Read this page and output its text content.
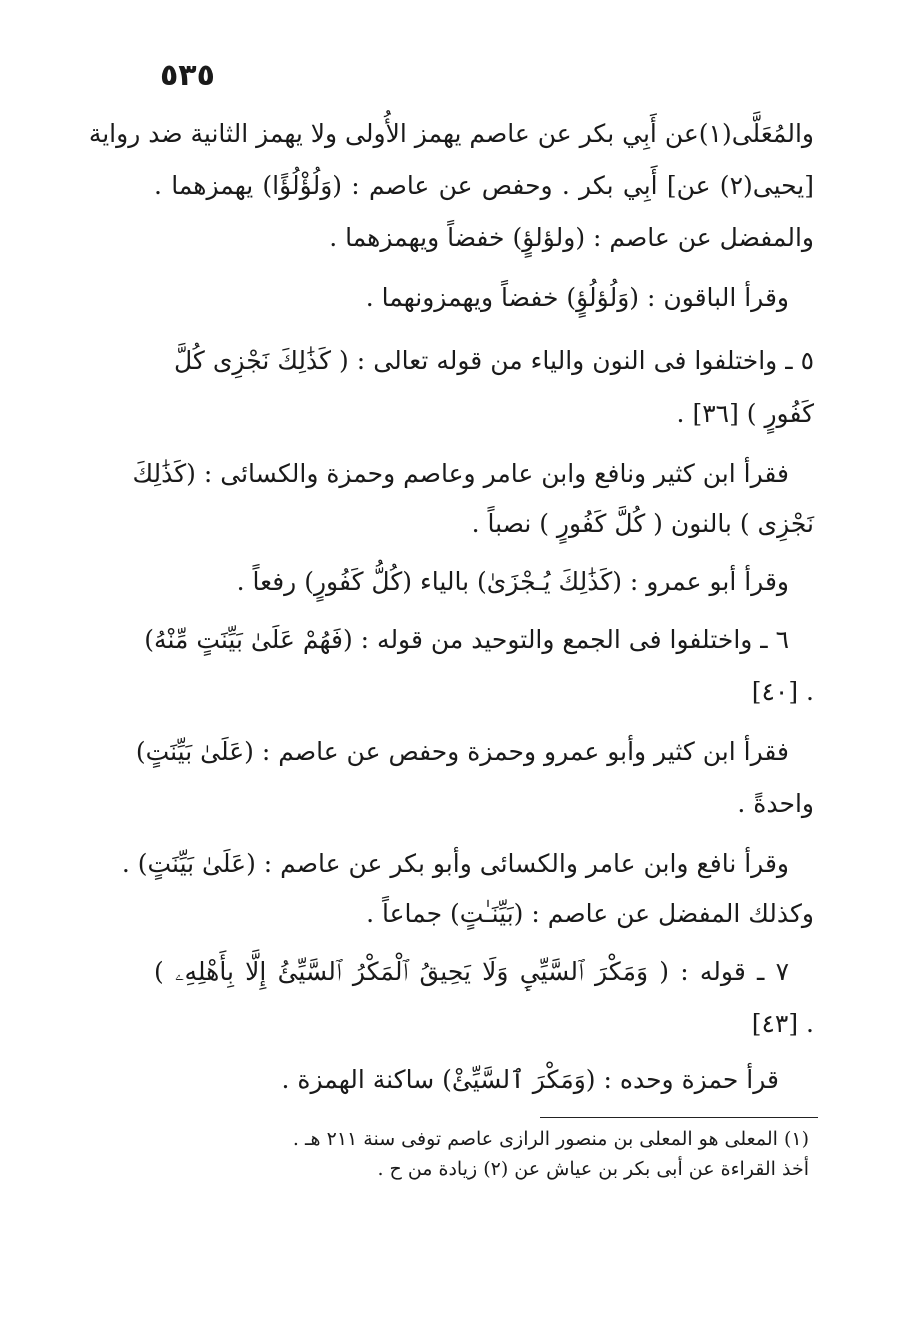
٥٣٥
والمُعَلَّى(١)عن أَبِي بكر عن عاصم يهمز الأُولى ولا يهمز الثانية ضد رواية
[يحيى(٢) عن] أَبِي بكر . وحفص عن عاصم : (وَلُؤْلُؤًا) يهمزهما .
والمفضل عن عاصم : (ولؤلؤٍ) خفضاً ويهمزهما .
وقرأ الباقون : (وَلُؤلُؤٍ) خفضاً ويهمزونهما .
٥ ـ واختلفوا فى النون والياء من قوله تعالى : ( كَذَٰلِكَ نَجْزِى كُلَّ
كَفُورٍ ) [٣٦] .
فقرأ ابن كثير ونافع وابن عامر وعاصم وحمزة والكسائى : (كَذَٰلِكَ
نَجْزِى ) بالنون ( كُلَّ كَفُورٍ ) نصباً .
وقرأ أبو عمرو : (كَذَٰلِكَ يُـجْزَىٰ) بالياء (كُلُّ كَفُورٍ) رفعاً .
٦ ـ واختلفوا فى الجمع والتوحيد من قوله : (فَهُمْ عَلَىٰ بَيِّنَتٍ مِّنْهُ)
[٤٠] .
فقرأ ابن كثير وأبو عمرو وحمزة وحفص عن عاصم : (عَلَىٰ بَيِّنَتٍ)
واحدةً .
وقرأ نافع وابن عامر والكسائى وأبو بكر عن عاصم : (عَلَىٰ بَيِّنَتٍ) .
وكذلك المفضل عن عاصم : (بَيِّنَـٰتٍ) جماعاً .
٧ ـ قوله : ( وَمَكْرَ ٱلسَّيِّىِٕ وَلَا يَحِيقُ ٱلْمَكْرُ ٱلسَّيِّئُ إِلَّا بِأَهْلِهِۦ )
[٤٣] .
قرأ حمزة وحده : (وَمَكْرَ ٱلسَّيِّئْ) ساكنة الهمزة .
(١) المعلى هو المعلى بن منصور الرازى عاصم توفى سنة ٢١١ هـ .
أخذ القراءة عن أبى بكر بن عياش عن (٢) زيادة من ح .
